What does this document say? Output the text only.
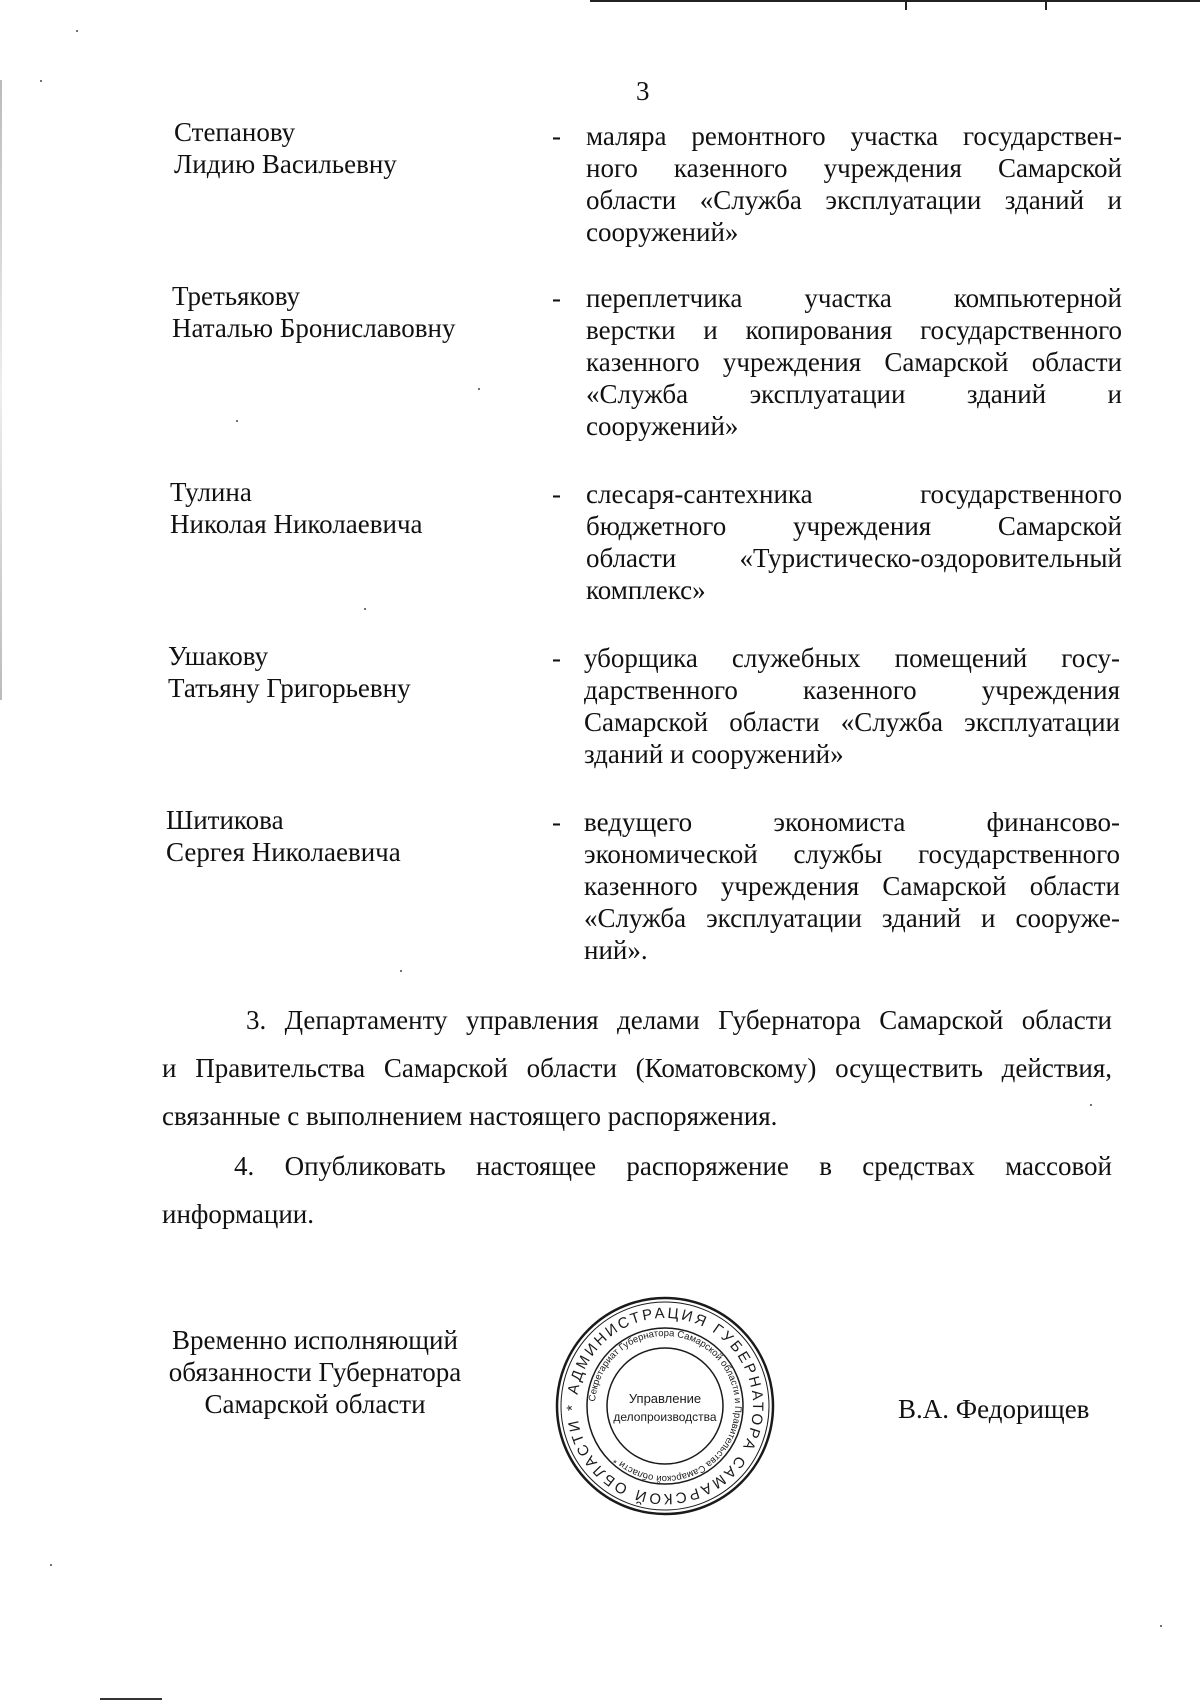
3
Степанову
Лидию Васильевну
- маляра ремонтного участка государствен-
ного казенного учреждения Самарской
области «Служба эксплуатации зданий и
сооружений»
Третьякову
Наталью Брониславовну
- переплетчика участка компьютерной
верстки и копирования государственного
казенного учреждения Самарской области
«Служба эксплуатации зданий и
сооружений»
Тулина
Николая Николаевича
- слесаря-сантехника государственного
бюджетного учреждения Самарской
области «Туристическо-оздоровительный
комплекс»
Ушакову
Татьяну Григорьевну
- уборщика служебных помещений госу-
дарственного казенного учреждения
Самарской области «Служба эксплуатации
зданий и сооружений»
Шитикова
Сергея Николаевича
- ведущего экономиста финансово-
экономической службы государственного
казенного учреждения Самарской области
«Служба эксплуатации зданий и сооруже-
ний».
3. Департаменту управления делами Губернатора Самарской области
и Правительства Самарской области (Коматовскому) осуществить действия,
связанные с выполнением настоящего распоряжения.
4. Опубликовать настоящее распоряжение в средствах массовой
информации.
Временно исполняющий
обязанности Губернатора
Самарской области
АДМИНИСТРАЦИЯ ГУБЕРНАТОРА САМАРСКОЙ ОБЛАСТИ *
Секретариат Губернатора Самарской области и Правительства Самарской области *
Управление
делопроизводства	В.А. Федорищев
